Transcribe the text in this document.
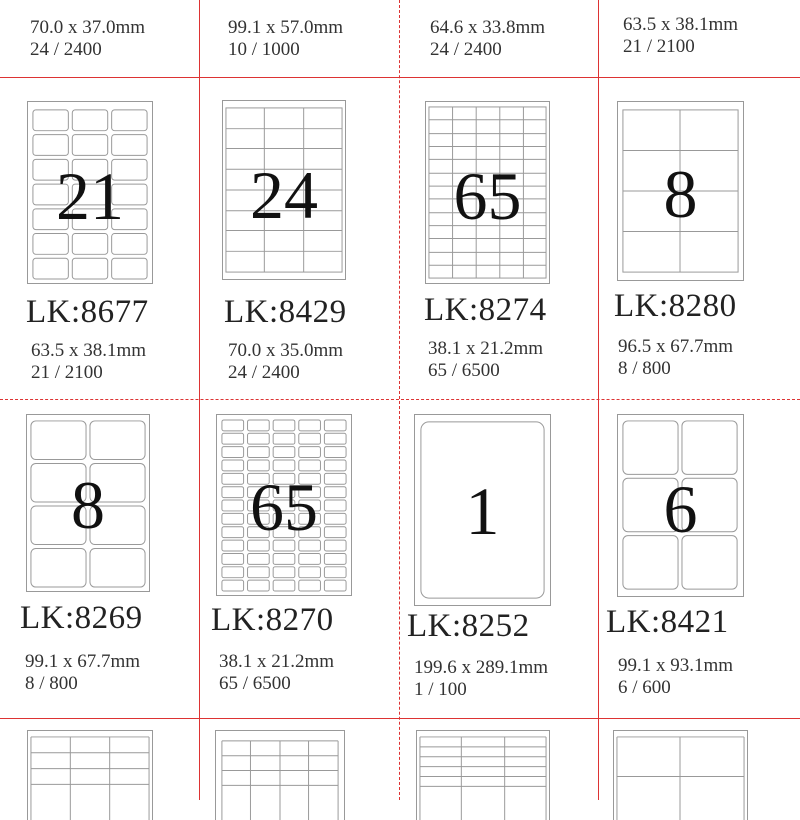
70.0 x 37.0mm
24 / 2400
99.1 x 57.0mm
10 / 1000
64.6 x 33.8mm
24 / 2400
63.5 x 38.1mm
21 / 2100
21
LK:8677
63.5 x 38.1mm
21 / 2100
24
LK:8429
70.0 x 35.0mm
24 / 2400
65
LK:8274
38.1 x 21.2mm
65 / 6500
8
LK:8280
96.5 x 67.7mm
8 / 800
8
LK:8269
99.1 x 67.7mm
8 / 800
65
LK:8270
38.1 x 21.2mm
65 / 6500
1
LK:8252
199.6 x 289.1mm
1 / 100
6
LK:8421
99.1 x 93.1mm
6 / 600
